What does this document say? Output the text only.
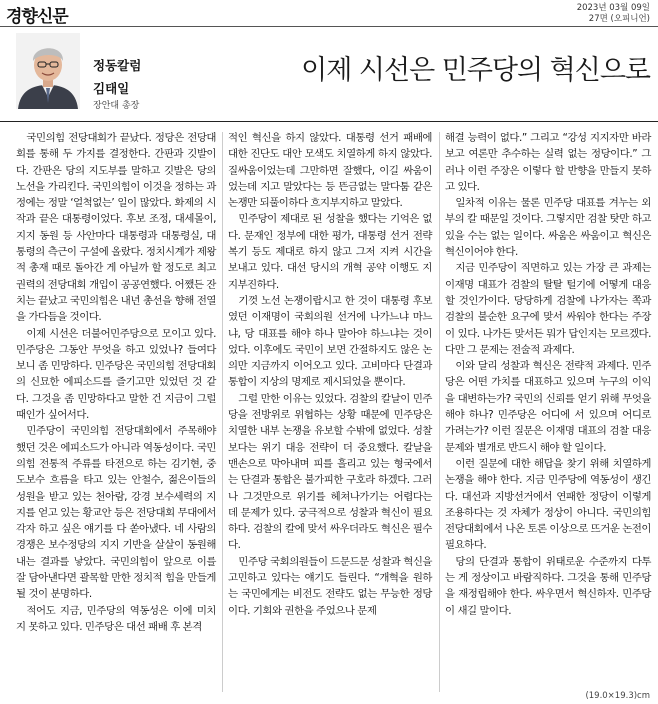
경향신문	2023년 03월 09일
27면 (오피니언)
정동칼럼
김태일
장안대 총장
이제 시선은 민주당의 혁신으로

국민의힘 전당대회가 끝났다. 정당은 전당대회를 통해 두 가지를 결정한다. 간판과 깃발이다. 간판은 당의 지도부를 말하고 깃발은 당의 노선을 가리킨다. 국민의힘이 이것을 정하는 과정에는 정말 ‘얼척없는’ 일이 많았다. 화제의 시작과 끝은 대통령이었다. 후보 조정, 대세몰이, 지지 동원 등 사안마다 대통령과 대통령실, 대통령의 측근이 구설에 올랐다. 정치시계가 제왕적 총재 때로 돌아간 게 아닐까 할 정도로 최고 권력의 전당대회 개입이 공공연했다. 어쨌든 잔치는 끝났고 국민의힘은 내년 총선을 향해 전열을 가다듬을 것이다.

이제 시선은 더불어민주당으로 모이고 있다. 민주당은 그동안 무엇을 하고 있었나? 들여다보니 좀 민망하다. 민주당은 국민의힘 전당대회의 신묘한 에피소드를 즐기고만 있었던 것 같다. 그것을 좀 민망하다고 말한 건 지금이 그럴 때인가 싶어서다.

민주당이 국민의힘 전당대회에서 주목해야 했던 것은 에피소드가 아니라 역동성이다. 국민의힘 전통적 주류를 타전으로 하는 김기현, 중도보수 흐름을 타고 있는 안철수, 젊은이들의 성원을 받고 있는 천아람, 강경 보수세력의 지지를 얻고 있는 황교안 등은 전당대회 무대에서 각자 하고 싶은 얘기를 다 쏟아냈다. 네 사람의 경쟁은 보수정당의 지지 기반을 살살이 동원해내는 결과를 낳았다. 국민의힘이 앞으로 이를 잘 담아낸다면 괄목할 만한 정치적 힘을 만들게 될 것이 분명하다.

적어도 지금, 민주당의 역동성은 이에 미치지 못하고 있다. 민주당은 대선 패배 후 본격

적인 혁신을 하지 않았다. 대통령 선거 패배에 대한 진단도 대안 모색도 치열하게 하지 않았다. 질싸움이었는데 그만하면 잘했다, 이길 싸움이었는데 지고 말았다는 등 뜬금없는 말다툼 같은 논쟁만 되풀이하다 흐지부지하고 말았다.

민주당이 제대로 된 성찰을 했다는 기억은 없다. 문재인 정부에 대한 평가, 대통령 선거 전략 복기 등도 제대로 하지 않고 그저 지켜 시간을 보내고 있다. 대선 당시의 개혁 공약 이행도 지지부진하다.

기껏 노선 논쟁이랍시고 한 것이 대통령 후보였던 이재명이 국회의원 선거에 나가느냐 마느냐, 당 대표를 해야 하나 말아야 하느냐는 것이었다. 이후에도 국민이 보면 간절하지도 않은 논의만 지금까지 이어오고 있다. 고비마다 단결과 통합이 지상의 명제로 제시되었을 뿐이다.

그럴 만한 이유는 있었다. 검찰의 칼날이 민주당을 전방위로 위협하는 상황 때문에 민주당은 치열한 내부 논쟁을 유보할 수밖에 없었다. 성찰보다는 위기 대응 전략이 더 중요했다. 칼날을 맨손으로 막아내며 피를 흘리고 있는 형국에서는 단결과 통합은 불가피한 구호라 하겠다. 그러나 그것만으로 위기를 헤쳐나가기는 어렵다는 데 문제가 있다. 궁극적으로 성찰과 혁신이 필요하다. 검찰의 칼에 맞서 싸우더라도 혁신은 필수다.

민주당 국회의원들이 드문드문 성찰과 혁신을 고민하고 있다는 얘기도 들린다. “개혁을 원하는 국민에게는 비전도 전략도 없는 무능한 정당이다. 기회와 권한을 주었으나 문제

해결 능력이 없다.” 그리고 “강성 지지자만 바라보고 여론만 추수하는 실력 없는 정당이다.” 그러나 이런 주장은 이렇다 할 반향을 만들지 못하고 있다.

일차적 이유는 물론 민주당 대표를 겨누는 외부의 칼 때문일 것이다. 그렇지만 검찰 탓만 하고 있을 수는 없는 일이다. 싸움은 싸움이고 혁신은 혁신이어야 한다.

지금 민주당이 직면하고 있는 가장 큰 과제는 이재명 대표가 검찰의 탈탈 털기에 어떻게 대응할 것인가이다. 당당하게 검찰에 나가자는 쪽과 검찰의 불순한 요구에 맞서 싸워야 한다는 주장이 있다. 나가든 맞서든 뭐가 답인지는 모르겠다. 다만 그 문제는 전술적 과제다.

이와 달리 성찰과 혁신은 전략적 과제다. 민주당은 어떤 가치를 대표하고 있으며 누구의 이익을 대변하는가? 국민의 신뢰를 얻기 위해 무엇을 해야 하나? 민주당은 어디에 서 있으며 어디로 가려는가? 이런 질문은 이재명 대표의 검찰 대응 문제와 별개로 반드시 해야 할 일이다.

이런 질문에 대한 해답을 찾기 위해 치열하게 논쟁을 해야 한다. 지금 민주당에 역동성이 생긴다. 대선과 지방선거에서 연패한 정당이 이렇게 조용하다는 것 자체가 정상이 아니다. 국민의힘 전당대회에서 나온 토론 이상으로 뜨거운 논전이 필요하다.

당의 단결과 통합이 위태로운 수준까지 다투는 게 정상이고 바람직하다. 그것을 통해 민주당을 재정립해야 한다. 싸우면서 혁신하자. 민주당이 새길 말이다.

(19.0×19.3)cm
